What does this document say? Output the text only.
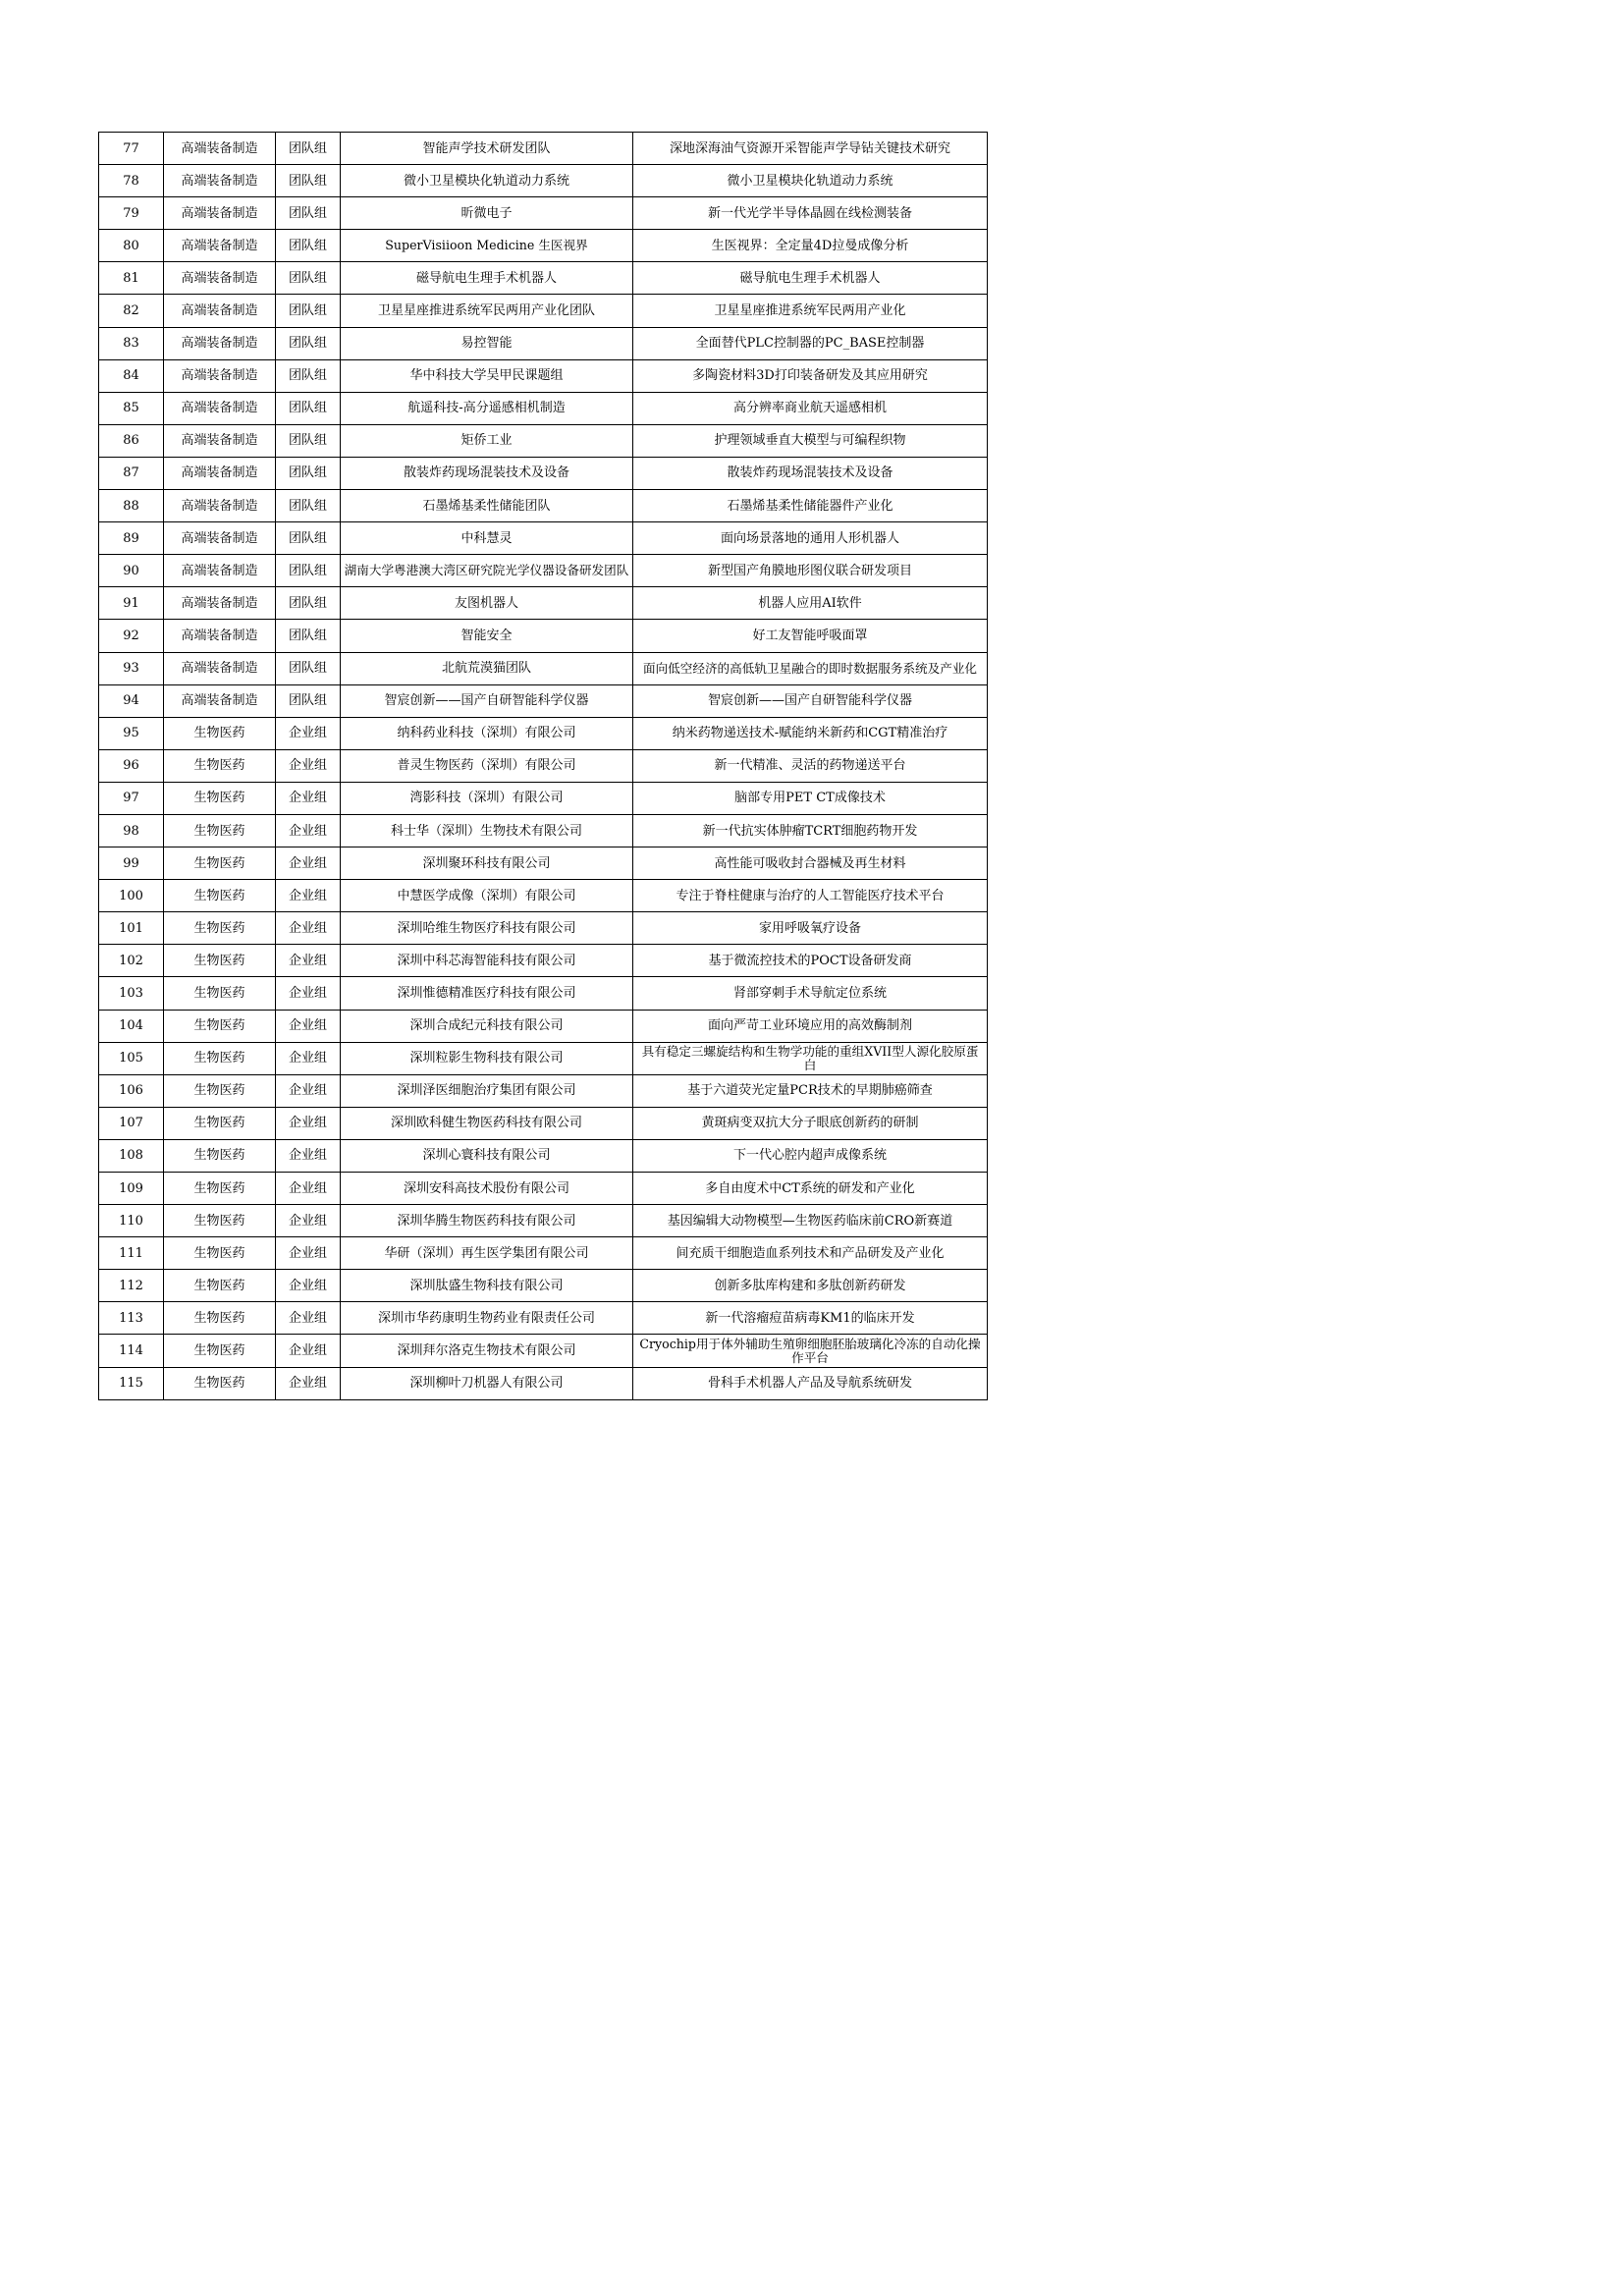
77	高端装备制造	团队组	智能声学技术研发团队	深地深海油气资源开采智能声学导钻关键技术研究
78	高端装备制造	团队组	微小卫星模块化轨道动力系统	微小卫星模块化轨道动力系统
79	高端装备制造	团队组	昕微电子	新一代光学半导体晶圆在线检测装备
80	高端装备制造	团队组	SuperVisiioon Medicine 生医视界	生医视界：全定量4D拉曼成像分析
81	高端装备制造	团队组	磁导航电生理手术机器人	磁导航电生理手术机器人
82	高端装备制造	团队组	卫星星座推进系统军民两用产业化团队	卫星星座推进系统军民两用产业化
83	高端装备制造	团队组	易控智能	全面替代PLC控制器的PC_BASE控制器
84	高端装备制造	团队组	华中科技大学吴甲民课题组	多陶瓷材料3D打印装备研发及其应用研究
85	高端装备制造	团队组	航遥科技-高分遥感相机制造	高分辨率商业航天遥感相机
86	高端装备制造	团队组	矩侨工业	护理领域垂直大模型与可编程织物
87	高端装备制造	团队组	散装炸药现场混装技术及设备	散装炸药现场混装技术及设备
88	高端装备制造	团队组	石墨烯基柔性储能团队	石墨烯基柔性储能器件产业化
89	高端装备制造	团队组	中科慧灵	面向场景落地的通用人形机器人
90	高端装备制造	团队组	湖南大学粤港澳大湾区研究院光学仪器设备研发团队	新型国产角膜地形图仪联合研发项目
91	高端装备制造	团队组	友图机器人	机器人应用AI软件
92	高端装备制造	团队组	智能安全	好工友智能呼吸面罩
93	高端装备制造	团队组	北航荒漠猫团队	面向低空经济的高低轨卫星融合的即时数据服务系统及产业化
94	高端装备制造	团队组	智宸创新——国产自研智能科学仪器	智宸创新——国产自研智能科学仪器
95	生物医药	企业组	纳科药业科技（深圳）有限公司	纳米药物递送技术-赋能纳米新药和CGT精准治疗
96	生物医药	企业组	普灵生物医药（深圳）有限公司	新一代精准、灵活的药物递送平台
97	生物医药	企业组	湾影科技（深圳）有限公司	脑部专用PET CT成像技术
98	生物医药	企业组	科士华（深圳）生物技术有限公司	新一代抗实体肿瘤TCRT细胞药物开发
99	生物医药	企业组	深圳聚环科技有限公司	高性能可吸收封合器械及再生材料
100	生物医药	企业组	中慧医学成像（深圳）有限公司	专注于脊柱健康与治疗的人工智能医疗技术平台
101	生物医药	企业组	深圳哈维生物医疗科技有限公司	家用呼吸氧疗设备
102	生物医药	企业组	深圳中科芯海智能科技有限公司	基于微流控技术的POCT设备研发商
103	生物医药	企业组	深圳惟德精准医疗科技有限公司	肾部穿刺手术导航定位系统
104	生物医药	企业组	深圳合成纪元科技有限公司	面向严苛工业环境应用的高效酶制剂
105	生物医药	企业组	深圳粒影生物科技有限公司	具有稳定三螺旋结构和生物学功能的重组XVII型人源化胶原蛋白
106	生物医药	企业组	深圳泽医细胞治疗集团有限公司	基于六道荧光定量PCR技术的早期肺癌筛查
107	生物医药	企业组	深圳欧科健生物医药科技有限公司	黄斑病变双抗大分子眼底创新药的研制
108	生物医药	企业组	深圳心寰科技有限公司	下一代心腔内超声成像系统
109	生物医药	企业组	深圳安科高技术股份有限公司	多自由度术中CT系统的研发和产业化
110	生物医药	企业组	深圳华腾生物医药科技有限公司	基因编辑大动物模型—生物医药临床前CRO新赛道
111	生物医药	企业组	华研（深圳）再生医学集团有限公司	间充质干细胞造血系列技术和产品研发及产业化
112	生物医药	企业组	深圳肽盛生物科技有限公司	创新多肽库构建和多肽创新药研发
113	生物医药	企业组	深圳市华药康明生物药业有限责任公司	新一代溶瘤痘苗病毒KM1的临床开发
114	生物医药	企业组	深圳拜尔洛克生物技术有限公司	Cryochip用于体外辅助生殖卵细胞胚胎玻璃化冷冻的自动化操作平台
115	生物医药	企业组	深圳柳叶刀机器人有限公司	骨科手术机器人产品及导航系统研发
